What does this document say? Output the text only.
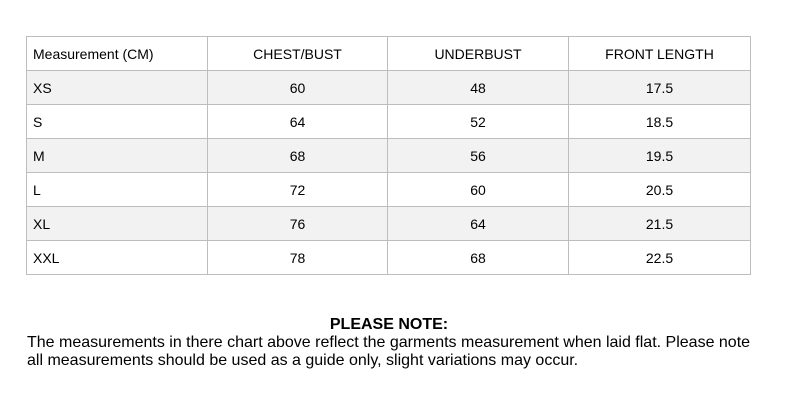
Measurement (CM)	CHEST/BUST	UNDERBUST	FRONT LENGTH
XS	60	48	17.5
S	64	52	18.5
M	68	56	19.5
L	72	60	20.5
XL	76	64	21.5
XXL	78	68	22.5
PLEASE NOTE:
The measurements in there chart above reflect the garments measurement when laid flat. Please note all measurements should be used as a guide only, slight variations may occur.
